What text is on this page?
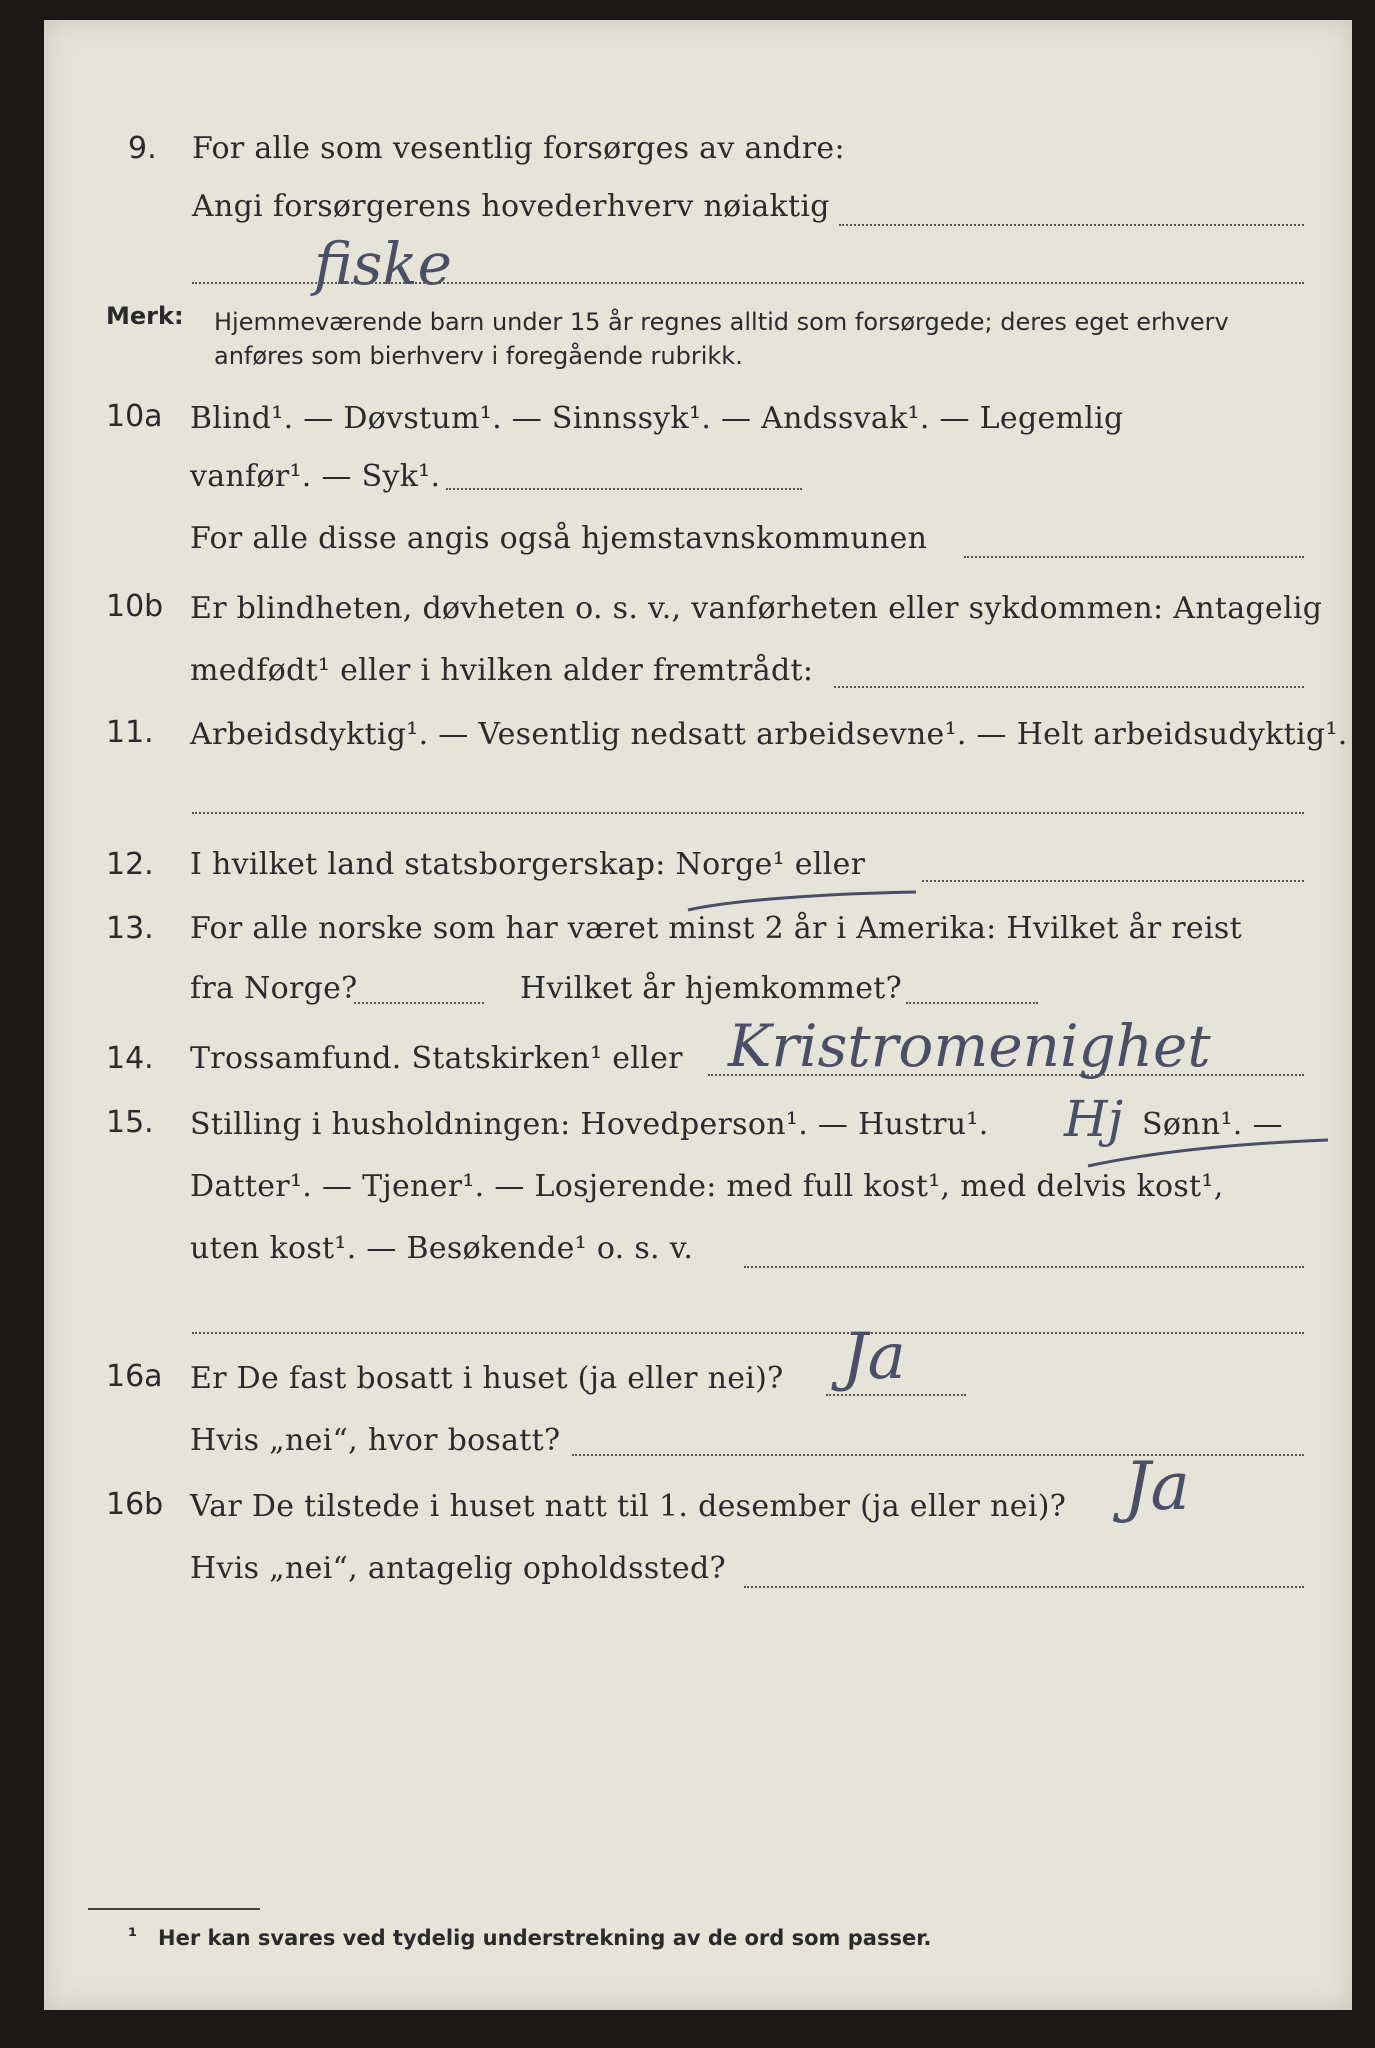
9. For alle som vesentlig forsørges av andre:
Angi forsørgerens hovederhverv nøiaktig
fiske
Merk: Hjemmeværende barn under 15 år regnes alltid som forsørgede; deres eget erhverv
anføres som bierhverv i foregående rubrikk.
10a Blind¹. — Døvstum¹. — Sinnssyk¹. — Andssvak¹. — Legemlig
vanfør¹. — Syk¹.
For alle disse angis også hjemstavnskommunen
10b Er blindheten, døvheten o. s. v., vanførheten eller sykdommen: Antagelig
medfødt¹ eller i hvilken alder fremtrådt:
11. Arbeidsdyktig¹. — Vesentlig nedsatt arbeidsevne¹. — Helt arbeidsudyktig¹.
12. I hvilket land statsborgerskap: Norge¹ eller
13. For alle norske som har været minst 2 år i Amerika: Hvilket år reist
fra Norge?	Hvilket år hjemkommet?
14. Trossamfund. Statskirken¹ eller Kristromenighet
15. Stilling i husholdningen: Hovedperson¹. — Hustru¹. Hj Sønn¹. —
Datter¹. — Tjener¹. — Losjerende: med full kost¹, med delvis kost¹,
uten kost¹. — Besøkende¹ o. s. v.
16a Er De fast bosatt i huset (ja eller nei)? Ja
Hvis „nei“, hvor bosatt?
16b Var De tilstede i huset natt til 1. desember (ja eller nei)? Ja
Hvis „nei“, antagelig opholdssted?
¹ Her kan svares ved tydelig understrekning av de ord som passer.
